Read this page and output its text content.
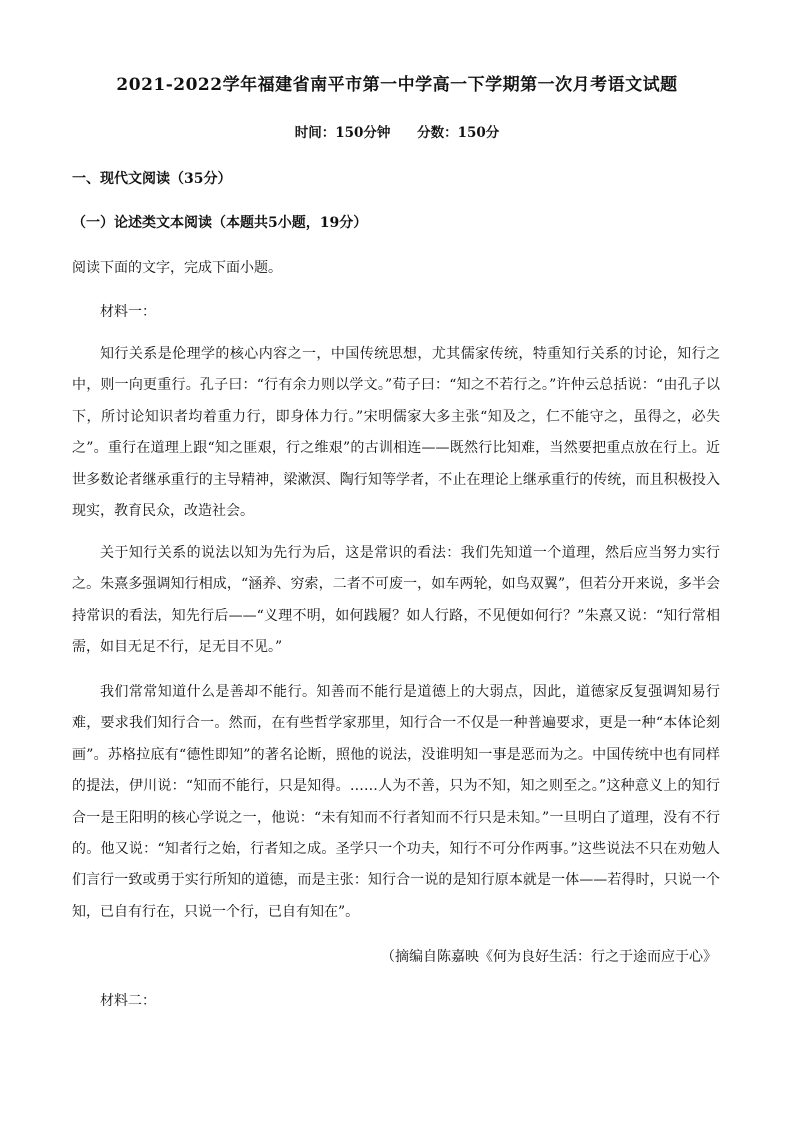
2021-2022学年福建省南平市第一中学高一下学期第一次月考语文试题
时间：150分钟 分数：150分
一、现代文阅读（35分）
（一）论述类文本阅读（本题共5小题，19分）
阅读下面的文字，完成下面小题。
材料一：

知行关系是伦理学的核心内容之一，中国传统思想，尤其儒家传统，特重知行关系的讨论，知行之中，则一向更重行。孔子曰：“行有余力则以学文。”荀子曰：“知之不若行之。”许仲云总括说：“由孔子以下，所讨论知识者均着重力行，即身体力行。”宋明儒家大多主张“知及之，仁不能守之，虽得之，必失之”。重行在道理上跟“知之匪艰，行之维艰”的古训相连——既然行比知难，当然要把重点放在行上。近世多数论者继承重行的主导精神，梁漱溟、陶行知等学者，不止在理论上继承重行的传统，而且积极投入现实，教育民众，改造社会。

关于知行关系的说法以知为先行为后，这是常识的看法：我们先知道一个道理，然后应当努力实行之。朱熹多强调知行相成，“涵养、穷索，二者不可废一，如车两轮，如鸟双翼”，但若分开来说，多半会持常识的看法，知先行后——“义理不明，如何践履？如人行路，不见便如何行？”朱熹又说：“知行常相需，如目无足不行，足无目不见。”

我们常常知道什么是善却不能行。知善而不能行是道德上的大弱点，因此，道德家反复强调知易行难，要求我们知行合一。然而，在有些哲学家那里，知行合一不仅是一种普遍要求，更是一种“本体论刻画”。苏格拉底有“德性即知”的著名论断，照他的说法，没谁明知一事是恶而为之。中国传统中也有同样的提法，伊川说：“知而不能行，只是知得。……人为不善，只为不知，知之则至之。”这种意义上的知行合一是王阳明的核心学说之一，他说：“未有知而不行者知而不行只是未知。”一旦明白了道理，没有不行的。他又说：“知者行之始，行者知之成。圣学只一个功夫，知行不可分作两事。”这些说法不只在劝勉人们言行一致或勇于实行所知的道德，而是主张：知行合一说的是知行原本就是一体——若得时，只说一个知，已自有行在，只说一个行，已自有知在”。

（摘编自陈嘉映《何为良好生活：行之于途而应于心》
材料二：
